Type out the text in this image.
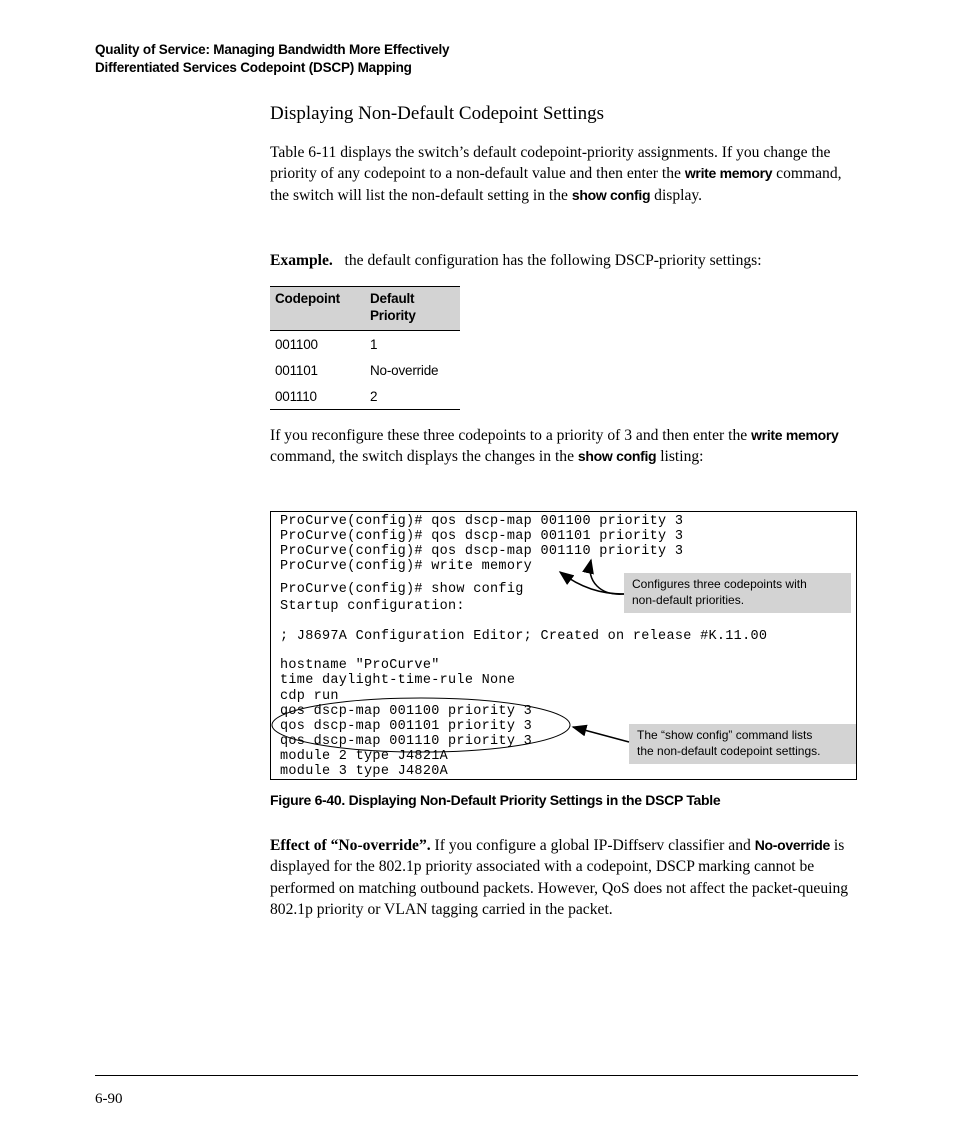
Quality of Service: Managing Bandwidth More Effectively
Differentiated Services Codepoint (DSCP) Mapping
Displaying Non-Default Codepoint Settings
Table 6-11 displays the switch’s default codepoint-priority assignments. If you change the priority of any codepoint to a non-default value and then enter the write memory command, the switch will list the non-default setting in the show config display.
Example. the default configuration has the following DSCP-priority settings:
Codepoint	Default
Priority
001100	1
001101	No-override
001110	2
If you reconfigure these three codepoints to a priority of 3 and then enter the write memory command, the switch displays the changes in the show config listing:
ProCurve(config)# qos dscp-map 001100 priority 3
ProCurve(config)# qos dscp-map 001101 priority 3
ProCurve(config)# qos dscp-map 001110 priority 3
ProCurve(config)# write memory
ProCurve(config)# show config
Startup configuration:
; J8697A Configuration Editor; Created on release #K.11.00
hostname "ProCurve"
time daylight-time-rule None
cdp run
qos dscp-map 001100 priority 3
qos dscp-map 001101 priority 3
qos dscp-map 001110 priority 3
module 2 type J4821A
module 3 type J4820A
Configures three codepoints with
non-default priorities.
The “show config” command lists
the non-default codepoint settings.
Figure 6-40. Displaying Non-Default Priority Settings in the DSCP Table
Effect of “No-override”. If you configure a global IP-Diffserv classifier and No-override is displayed for the 802.1p priority associated with a codepoint, DSCP marking cannot be performed on matching outbound packets. However, QoS does not affect the packet-queuing 802.1p priority or VLAN tagging carried in the packet.
6-90
